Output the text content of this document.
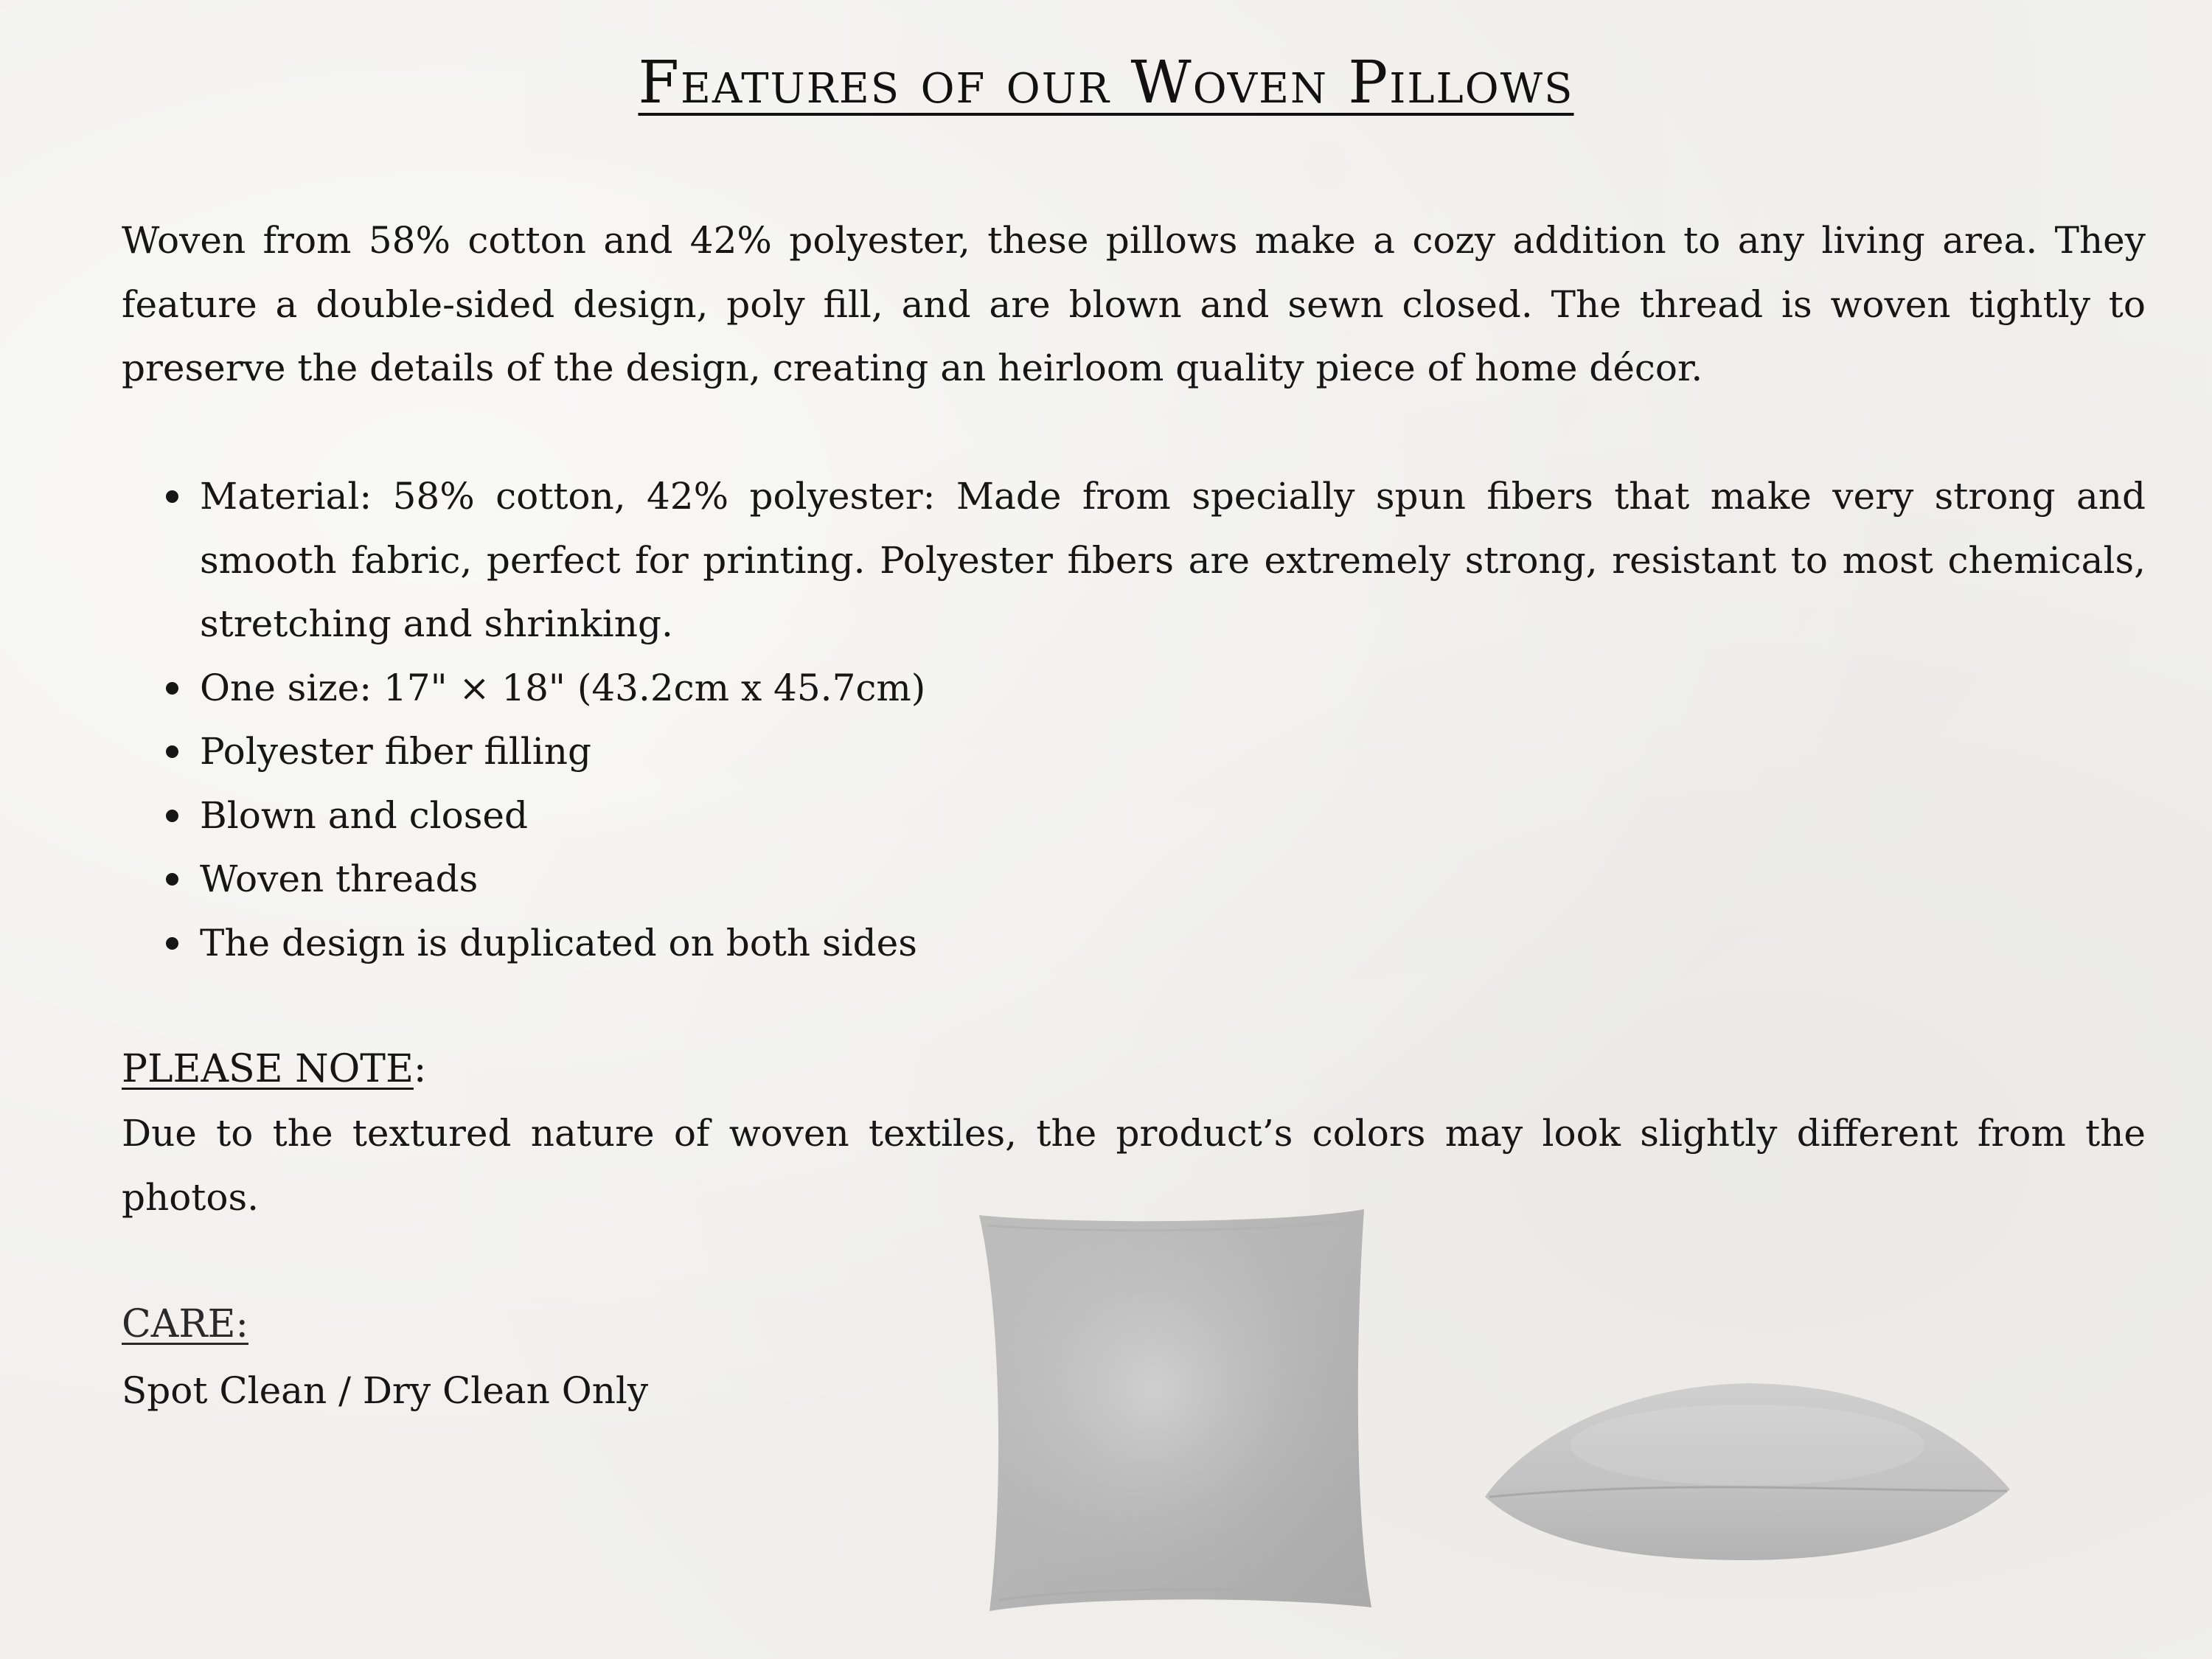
Features of our Woven Pillows

Woven from 58% cotton and 42% polyester, these pillows make a cozy addition to any living area. They feature a double-sided design, poly fill, and are blown and sewn closed. The thread is woven tightly to preserve the details of the design, creating an heirloom quality piece of home décor.

Material: 58% cotton, 42% polyester: Made from specially spun fibers that make very strong and smooth fabric, perfect for printing. Polyester fibers are extremely strong, resistant to most chemicals, stretching and shrinking.
One size: 17" × 18" (43.2cm x 45.7cm)
Polyester fiber filling
Blown and closed
Woven threads
The design is duplicated on both sides
PLEASE NOTE:

Due to the textured nature of woven textiles, the product’s colors may look slightly different from the photos.

CARE:

Spot Clean / Dry Clean Only
